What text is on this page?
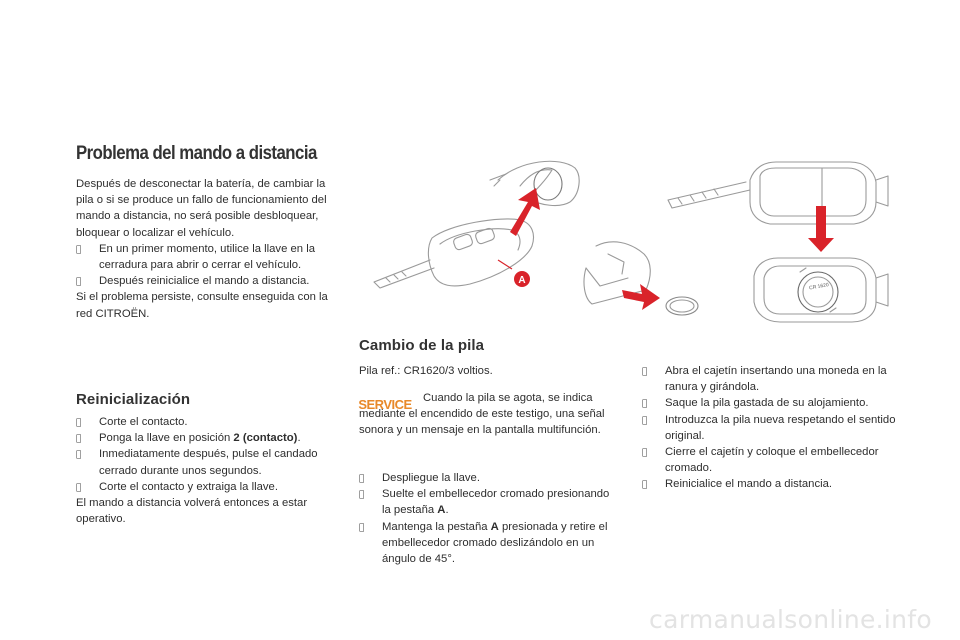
Problema del mando a distancia

Después de desconectar la batería, de cambiar la pila o si se produce un fallo de funcionamiento del mando a distancia, no será posible desbloquear, bloquear o localizar el vehículo.

En un primer momento, utilice la llave en la cerradura para abrir o cerrar el vehículo.

Después reinicialice el mando a distancia.

Si el problema persiste, consulte enseguida con la red CITROËN.

Reinicialización

Corte el contacto.

Ponga la llave en posición 2 (contacto).

Inmediatamente después, pulse el candado cerrado durante unos segundos.

Corte el contacto y extraiga la llave.

El mando a distancia volverá entonces a estar operativo.

Cambio de la pila
Pila ref.: CR1620/3 voltios.
SERVICE	Cuando la pila se agota, se indica mediante el encendido de este testigo, una señal sonora y un mensaje en la pantalla multifunción.

Despliegue la llave.

Suelte el embellecedor cromado presionando la pestaña A.

Mantenga la pestaña A presionada y retire el embellecedor cromado deslizándolo en un ángulo de 45°.

Abra el cajetín insertando una moneda en la ranura y girándola.

Saque la pila gastada de su alojamiento.

Introduzca la pila nueva respetando el sentido original.

Cierre el cajetín y coloque el embellecedor cromado.

Reinicialice el mando a distancia.

A
CR 1620
carmanualsonline.info
